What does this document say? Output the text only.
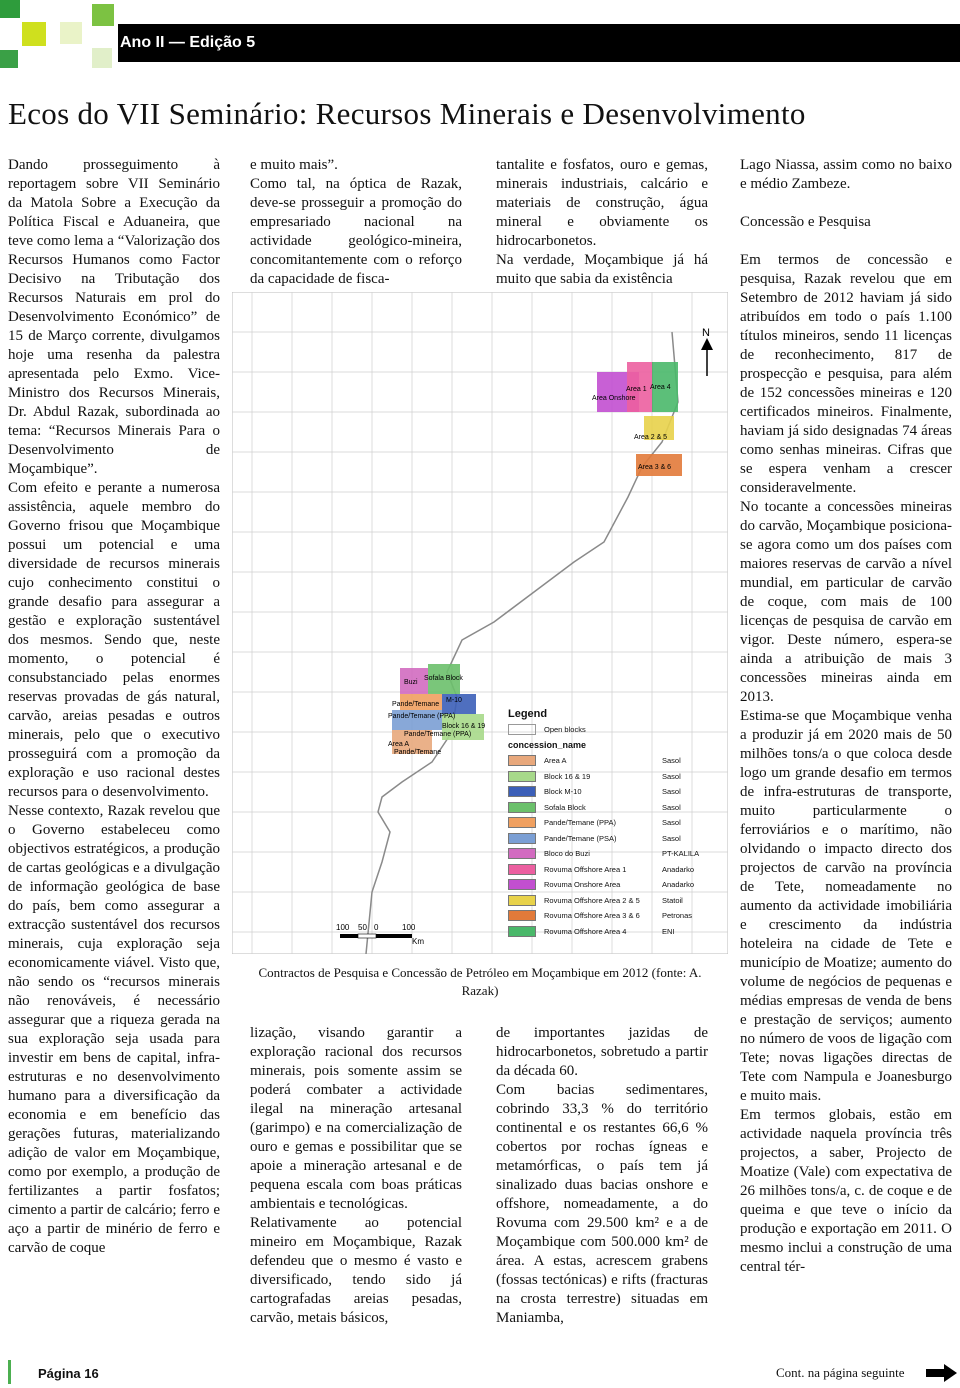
Ano II — Edição 5
Ecos do VII Seminário: Recursos Minerais e Desenvolvimento

Dando prosseguimento à reportagem sobre VII Seminário da Matola Sobre a Execução da Política Fiscal e Aduaneira, que teve como lema a “Valorização dos Recursos Humanos como Factor Decisivo na Tributação dos Recursos Naturais em prol do Desenvolvimento Económico” de 15 de Março corrente, divulgamos hoje uma resenha da palestra apresentada pelo Exmo. Vice-Ministro dos Recursos Minerais, Dr. Abdul Razak, subordinada ao tema: “Recursos Minerais Para o Desenvolvimento de Moçambique”.

Com efeito e perante a numerosa assistência, aquele membro do Governo frisou que Moçambique possui um potencial e uma diversidade de recursos minerais cujo conhecimento constitui o grande desafio para assegurar a gestão e exploração sustentável dos mesmos. Sendo que, neste momento, o potencial é consubstanciado pelas enormes reservas provadas de gás natural, carvão, areias pesadas e outros minerais, pelo que o executivo prosseguirá com a promoção da exploração e uso racional destes recursos para o desenvolvimento.

Nesse contexto, Razak revelou que o Governo estabeleceu como objectivos estratégicos, a produção de cartas geológicas e a divulgação de informação geológica de base do país, bem como assegurar a extracção sustentável dos recursos minerais, cuja exploração seja economicamente viável. Visto que, não sendo os “recursos minerais não renováveis, é necessário assegurar que a riqueza gerada na sua exploração seja usada para investir em bens de capital, infra-estruturas e no desenvolvimento humano para a diversificação da economia e em benefício das gerações futuras, materializando adição de valor em Moçambique, como por exemplo, a produção de fertilizantes a partir fosfatos; cimento a partir de calcário; ferro e aço a partir de minério de ferro e carvão de coque

e muito mais”.

Como tal, na óptica de Razak, deve-se prosseguir a promoção do empresariado nacional na actividade geológico-mineira, concomitantemente com o reforço da capacidade de fisca-

tantalite e fosfatos, ouro e gemas, minerais industriais, calcário e materiais de construção, água mineral e obviamente os hidrocarbonetos.

Na verdade, Moçambique já há muito que sabia da existência

Lago Niassa, assim como no baixo e médio Zambeze.

Concessão e Pesquisa

Em termos de concessão e pesquisa, Razak revelou que em Setembro de 2012 haviam já sido atribuídos em todo o país 1.100 títulos mineiros, sendo 11 licenças de reconhecimento, 817 de prospecção e pesquisa, para além de 152 concessões mineiras e 120 certificados mineiros. Finalmente, haviam já sido designadas 74 áreas como senhas mineiras. Cifras que se espera venham a crescer consideravelmente.

No tocante a concessões mineiras do carvão, Moçambique posiciona-se agora como um dos países com maiores reservas de carvão a nível mundial, em particular de carvão de coque, com mais de 100 licenças de pesquisa de carvão em vigor. Deste número, espera-se ainda a atribuição de mais 3 concessões mineiras ainda em 2013.

Estima-se que Moçambique venha a produzir já em 2020 mais de 50 milhões tons/a o que coloca desde logo um grande desafio em termos de infra-estruturas de transporte, muito particularmente o ferroviários e o marítimo, não olvidando o impacto directo dos projectos de carvão na província de Tete, nomeadamente no aumento da actividade imobiliária e crescimento da indústria hoteleira na cidade de Tete e município de Moatize; aumento do volume de negócios de pequenas e médias empresas de venda de bens e prestação de serviços; aumento no número de voos de ligação com Tete; novas ligações directas de Tete com Nampula e Joanesburgo e muito mais.

Em termos globais, estão em actividade naquela província três projectos, a saber, Projecto de Moatize (Vale) com expectativa de 26 milhões tons/a, c. de coque e de queima e que teve o início da produção e exportação em 2011. O mesmo inclui a construção de uma central tér-

Area 1 Area 4
Area Onshore
Area 2 & 5
Area 3 & 6
N
Buzi
Sofala Block
M-10
Pande/Temane
Pande/Temane (PPA)
Block 16 & 19
Pande/Temane (PPA)
Area A
Pande/Temane
100 50 0	100
Km
Legend
Open blocks
concession_name
Area A	Sasol
Block 16 & 19	Sasol
Block M-10	Sasol
Sofala Block	Sasol
Pande/Temane (PPA)	Sasol
Pande/Temane (PSA)	Sasol
Bloco do Buzi	PT-KALILA
Rovuma Offshore Area 1	Anadarko
Rovuma Onshore Area	Anadarko
Rovuma Offshore Area 2 & 5	Statoil
Rovuma Offshore Area 3 & 6	Petronas
Rovuma Offshore Area 4	ENI
Contractos de Pesquisa e Concessão de Petróleo em Moçambique em 2012 (fonte: A. Razak)

lização, visando garantir a exploração racional dos recursos minerais, pois somente assim se poderá combater a actividade ilegal na mineração artesanal (garimpo) e na comercialização de ouro e gemas e possibilitar que se apoie a mineração artesanal e de pequena escala com boas práticas ambientais e tecnológicas.

Relativamente ao potencial mineiro em Moçambique, Razak defendeu que o mesmo é vasto e diversificado, tendo sido já cartografadas areias pesadas, carvão, metais básicos,

de importantes jazidas de hidrocarbonetos, sobretudo a partir da década 60.

Com bacias sedimentares, cobrindo 33,3 % do território continental e os restantes 66,6 % cobertos por rochas ígneas e metamórficas, o país tem já sinalizado duas bacias onshore e offshore, nomeadamente, a do Rovuma com 29.500 km² e a de Moçambique com 500.000 km² de área. A estas, acrescem grabens (fossas tectónicas) e rifts (fracturas na crosta terrestre) situadas em Maniamba,

Página 16	Cont. na página seguinte
